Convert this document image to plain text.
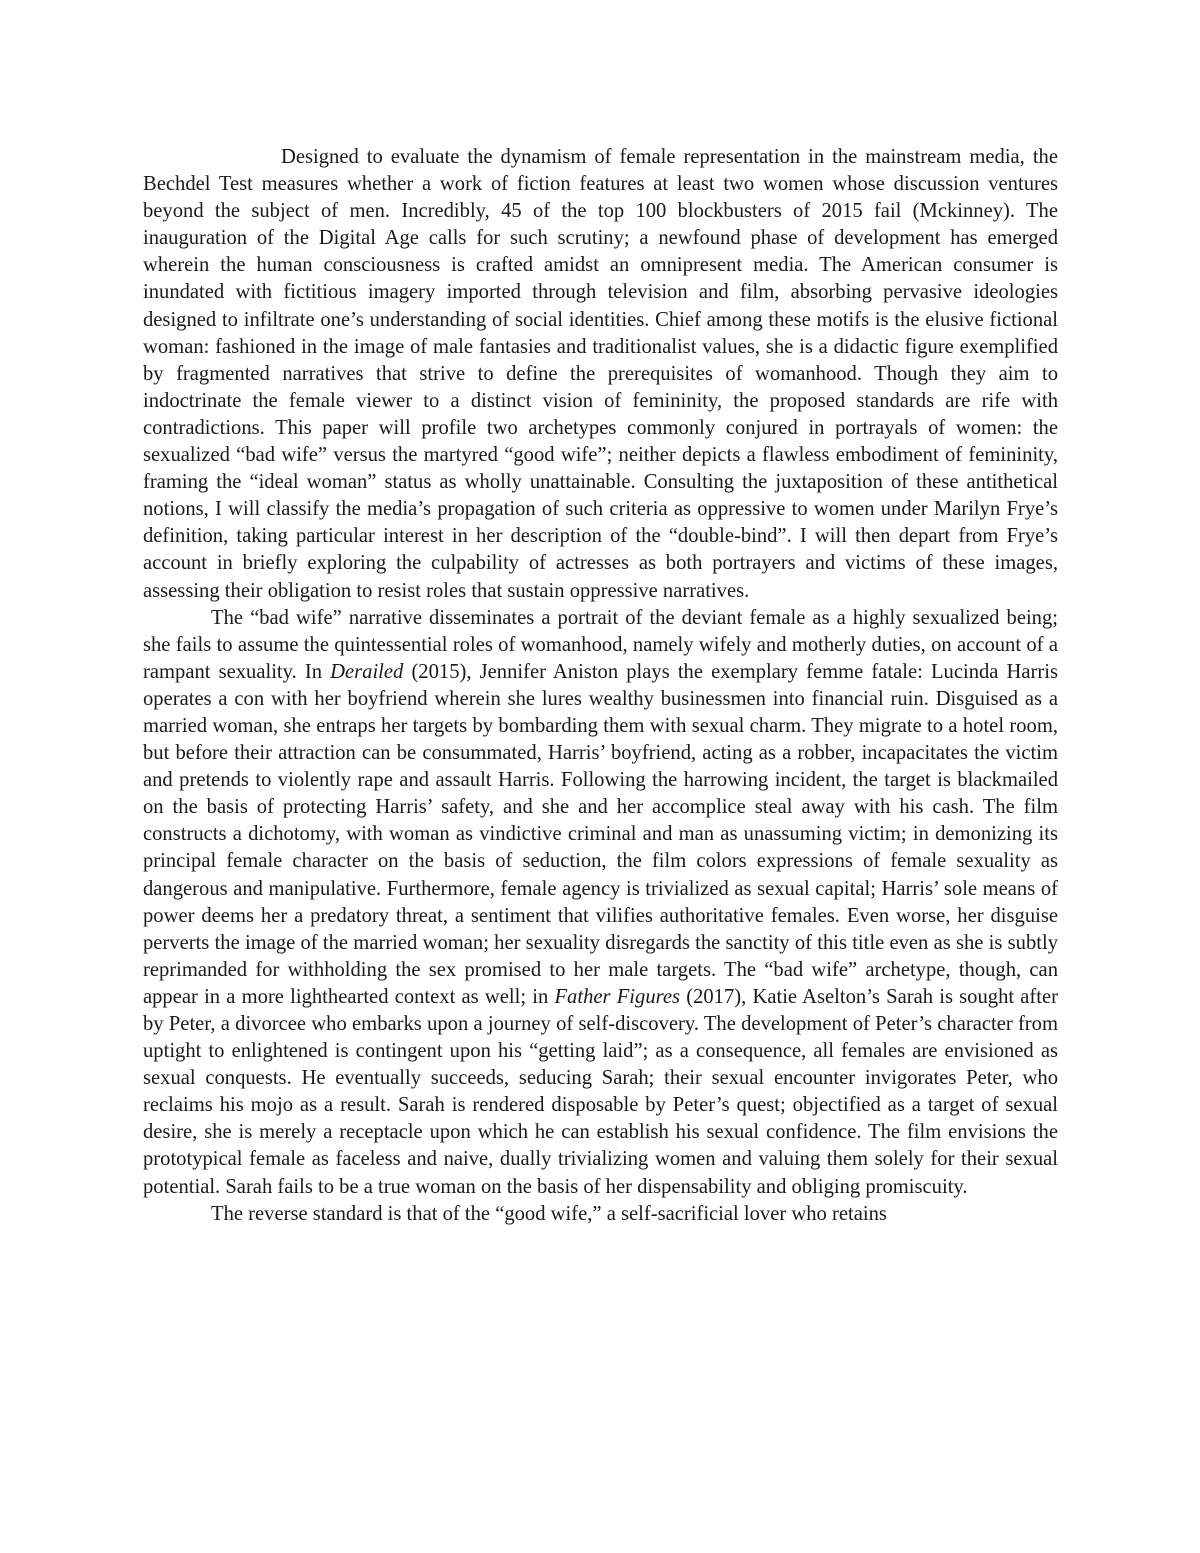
Designed to evaluate the dynamism of female representation in the mainstream media, the Bechdel Test measures whether a work of fiction features at least two women whose discussion ventures beyond the subject of men. Incredibly, 45 of the top 100 blockbusters of 2015 fail (Mckinney). The inauguration of the Digital Age calls for such scrutiny; a newfound phase of development has emerged wherein the human consciousness is crafted amidst an omnipresent media. The American consumer is inundated with fictitious imagery imported through television and film, absorbing pervasive ideologies designed to infiltrate one’s understanding of social identities. Chief among these motifs is the elusive fictional woman: fashioned in the image of male fantasies and traditionalist values, she is a didactic figure exemplified by fragmented narratives that strive to define the prerequisites of womanhood. Though they aim to indoctrinate the female viewer to a distinct vision of femininity, the proposed standards are rife with contradictions. This paper will profile two archetypes commonly conjured in portrayals of women: the sexualized “bad wife” versus the martyred “good wife”; neither depicts a flawless embodiment of femininity, framing the “ideal woman” status as wholly unattainable. Consulting the juxtaposition of these antithetical notions, I will classify the media’s propagation of such criteria as oppressive to women under Marilyn Frye’s definition, taking particular interest in her description of the “double-bind”. I will then depart from Frye’s account in briefly exploring the culpability of actresses as both portrayers and victims of these images, assessing their obligation to resist roles that sustain oppressive narratives.

The “bad wife” narrative disseminates a portrait of the deviant female as a highly sexualized being; she fails to assume the quintessential roles of womanhood, namely wifely and motherly duties, on account of a rampant sexuality. In Derailed (2015), Jennifer Aniston plays the exemplary femme fatale: Lucinda Harris operates a con with her boyfriend wherein she lures wealthy businessmen into financial ruin. Disguised as a married woman, she entraps her targets by bombarding them with sexual charm. They migrate to a hotel room, but before their attraction can be consummated, Harris’ boyfriend, acting as a robber, incapacitates the victim and pretends to violently rape and assault Harris. Following the harrowing incident, the target is blackmailed on the basis of protecting Harris’ safety, and she and her accomplice steal away with his cash. The film constructs a dichotomy, with woman as vindictive criminal and man as unassuming victim; in demonizing its principal female character on the basis of seduction, the film colors expressions of female sexuality as dangerous and manipulative. Furthermore, female agency is trivialized as sexual capital; Harris’ sole means of power deems her a predatory threat, a sentiment that vilifies authoritative females. Even worse, her disguise perverts the image of the married woman; her sexuality disregards the sanctity of this title even as she is subtly reprimanded for withholding the sex promised to her male targets. The “bad wife” archetype, though, can appear in a more lighthearted context as well; in Father Figures (2017), Katie Aselton’s Sarah is sought after by Peter, a divorcee who embarks upon a journey of self-discovery. The development of Peter’s character from uptight to enlightened is contingent upon his “getting laid”; as a consequence, all females are envisioned as sexual conquests. He eventually succeeds, seducing Sarah; their sexual encounter invigorates Peter, who reclaims his mojo as a result. Sarah is rendered disposable by Peter’s quest; objectified as a target of sexual desire, she is merely a receptacle upon which he can establish his sexual confidence. The film envisions the prototypical female as faceless and naive, dually trivializing women and valuing them solely for their sexual potential. Sarah fails to be a true woman on the basis of her dispensability and obliging promiscuity.

The reverse standard is that of the “good wife,” a self-sacrificial lover who retains
